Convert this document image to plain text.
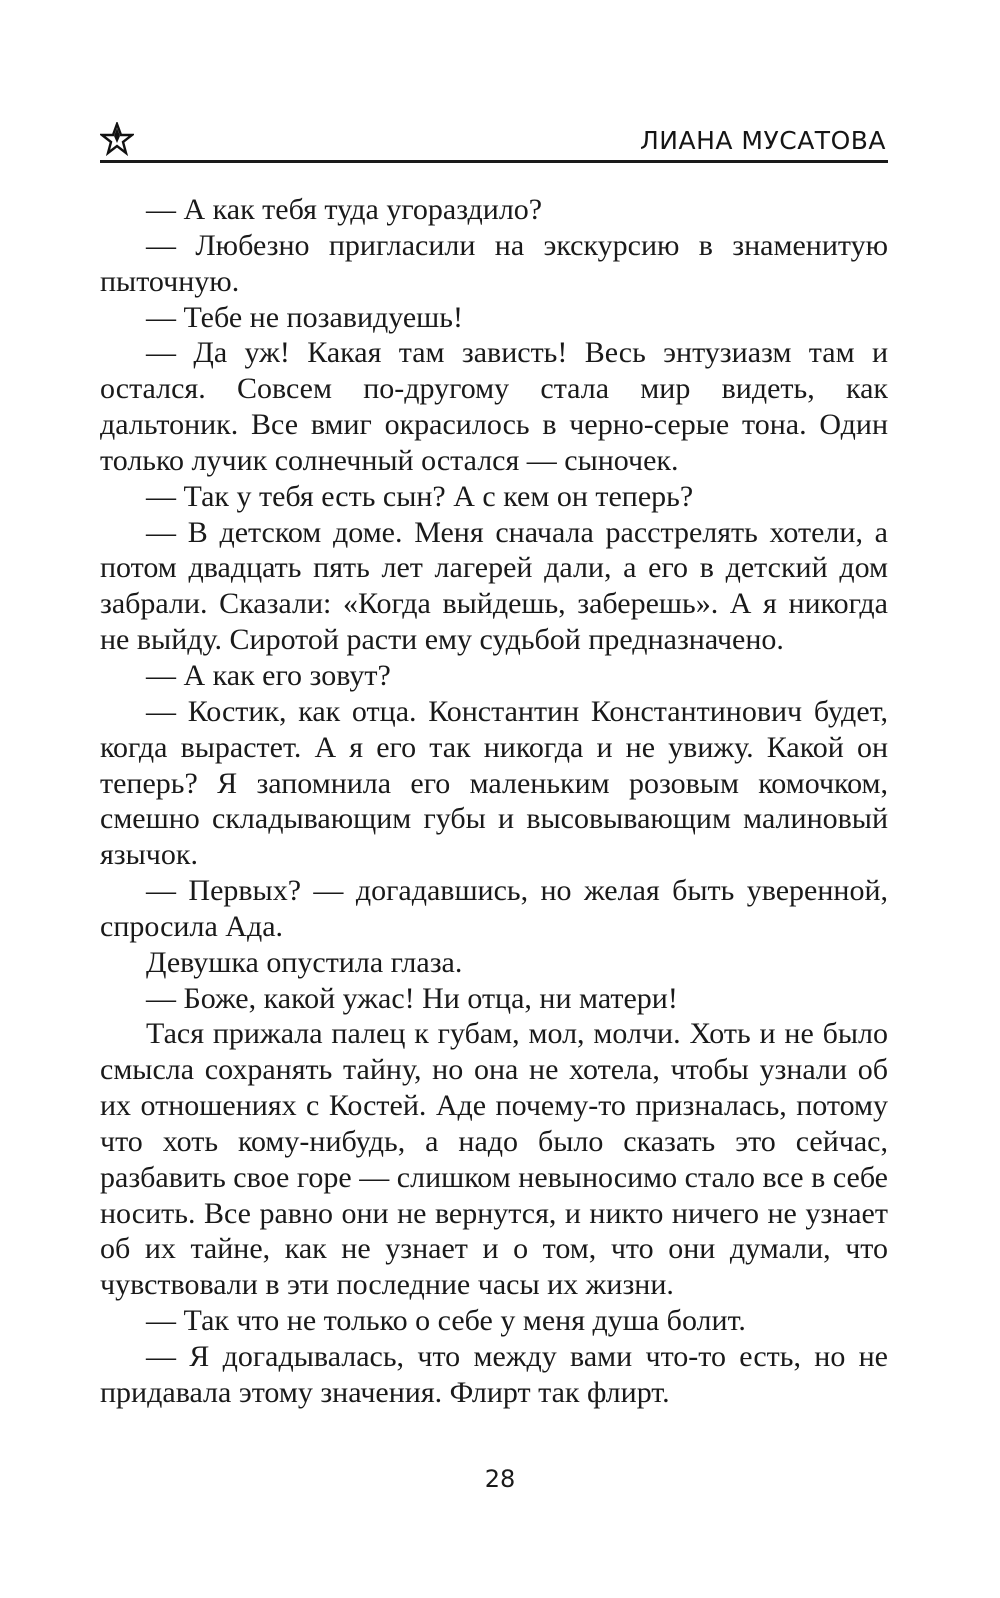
ЛИАНА МУСАТОВА

— А как тебя туда угораздило?

— Любезно пригласили на экскурсию в знаменитую пыточную.

— Тебе не позавидуешь!

— Да уж! Какая там зависть! Весь энтузиазм там и остался. Совсем по-другому стала мир видеть, как дальтоник. Все вмиг окрасилось в черно-серые тона. Один только лучик солнечный остался — сыночек.

— Так у тебя есть сын? А с кем он теперь?

— В детском доме. Меня сначала расстрелять хотели, а потом двадцать пять лет лагерей дали, а его в детский дом забрали. Сказали: «Когда выйдешь, заберешь». А я никогда не выйду. Сиротой расти ему судьбой предназначено.

— А как его зовут?

— Костик, как отца. Константин Константинович будет, когда вырастет. А я его так никогда и не увижу. Какой он теперь? Я запомнила его маленьким розовым комочком, смешно складывающим губы и высовывающим малиновый язычок.

— Первых? — догадавшись, но желая быть уверенной, спросила Ада.

Девушка опустила глаза.

— Боже, какой ужас! Ни отца, ни матери!

Тася прижала палец к губам, мол, молчи. Хоть и не было смысла сохранять тайну, но она не хотела, чтобы узнали об их отношениях с Костей. Аде почему-то призналась, потому что хоть кому-нибудь, а надо было сказать это сейчас, разбавить свое горе — слишком невыносимо стало все в себе носить. Все равно они не вернутся, и никто ничего не узнает об их тайне, как не узнает и о том, что они думали, что чувствовали в эти последние часы их жизни.

— Так что не только о себе у меня душа болит.

— Я догадывалась, что между вами что-то есть, но не придавала этому значения. Флирт так флирт.

28
